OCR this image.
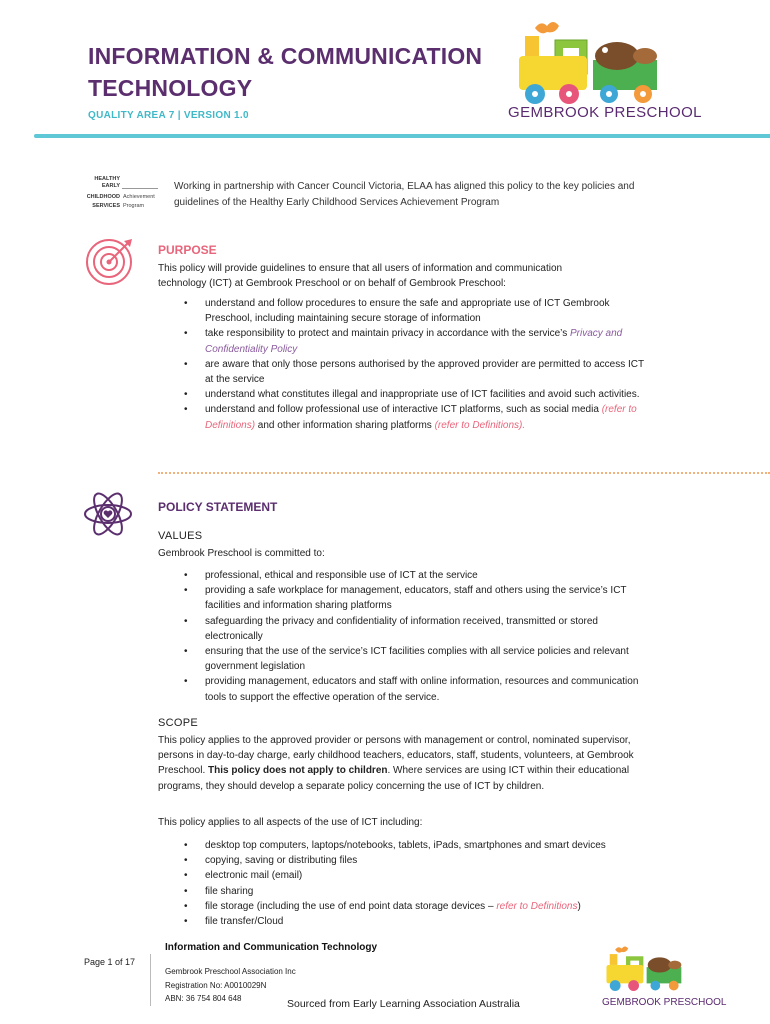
INFORMATION & COMMUNICATION
TECHNOLOGY
QUALITY AREA 7 | VERSION 1.0	GEMBROOK PRESCHOOL
HEALTHY
EARLY
CHILDHOOD
SERVICES
Achievement
Program
Working in partnership with Cancer Council Victoria, ELAA has aligned this policy to the key policies and guidelines of the Healthy Early Childhood Services Achievement Program
PURPOSE
This policy will provide guidelines to ensure that all users of information and communication technology (ICT) at Gembrook Preschool or on behalf of Gembrook Preschool:
• understand and follow procedures to ensure the safe and appropriate use of ICT Gembrook Preschool, including maintaining secure storage of information
• take responsibility to protect and maintain privacy in accordance with the service’s Privacy and Confidentiality Policy
• are aware that only those persons authorised by the approved provider are permitted to access ICT at the service
• understand what constitutes illegal and inappropriate use of ICT facilities and avoid such activities.
• understand and follow professional use of interactive ICT platforms, such as social media (refer to Definitions) and other information sharing platforms (refer to Definitions).
POLICY STATEMENT
VALUES
Gembrook Preschool is committed to:
• professional, ethical and responsible use of ICT at the service
• providing a safe workplace for management, educators, staff and others using the service’s ICT facilities and information sharing platforms
• safeguarding the privacy and confidentiality of information received, transmitted or stored electronically
• ensuring that the use of the service’s ICT facilities complies with all service policies and relevant government legislation
• providing management, educators and staff with online information, resources and communication tools to support the effective operation of the service.
SCOPE
This policy applies to the approved provider or persons with management or control, nominated supervisor, persons in day-to-day charge, early childhood teachers, educators, staff, students, volunteers, at Gembrook Preschool. This policy does not apply to children. Where services are using ICT within their educational programs, they should develop a separate policy concerning the use of ICT by children.
This policy applies to all aspects of the use of ICT including:
• desktop top computers, laptops/notebooks, tablets, iPads, smartphones and smart devices
• copying, saving or distributing files
• electronic mail (email)
• file sharing
• file storage (including the use of end point data storage devices – refer to Definitions)
• file transfer/Cloud
Information and Communication Technology
Page 1 of 17
Gembrook Preschool Association Inc
Registration No: A0010029N
ABN: 36 754 804 648	Sourced from Early Learning Association Australia	GEMBROOK PRESCHOOL
